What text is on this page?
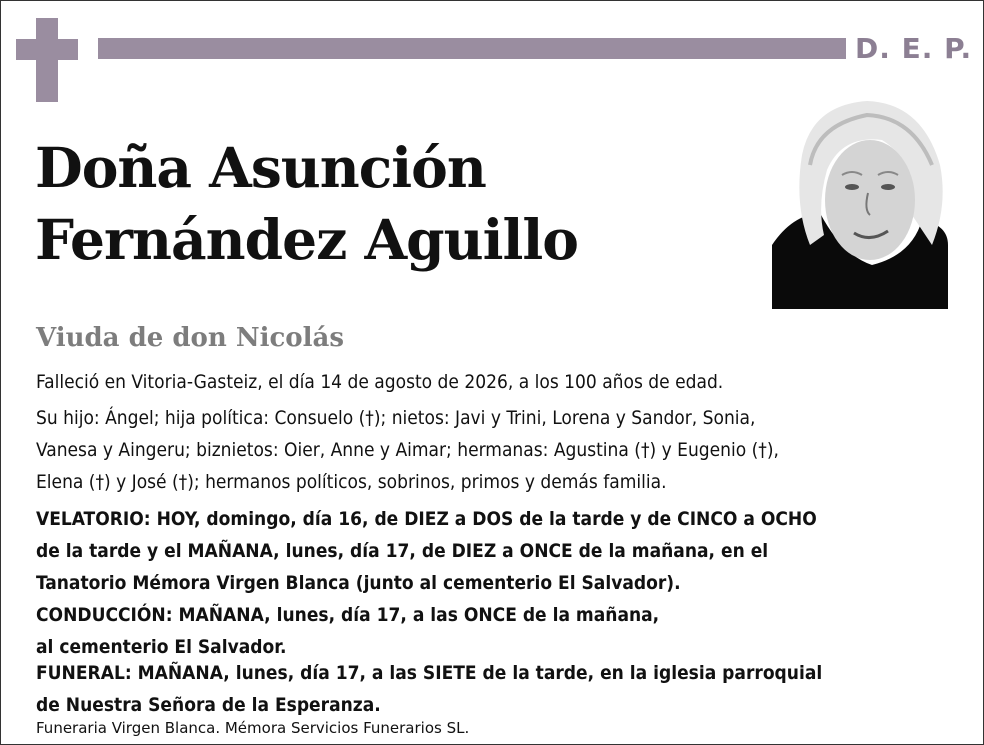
D. E. P.
Doña Asunción
Fernández Aguillo
Viuda de don Nicolás
Falleció en Vitoria-Gasteiz, el día 14 de agosto de 2026, a los 100 años de edad.
Su hijo: Ángel; hija política: Consuelo (†); nietos: Javi y Trini, Lorena y Sandor, Sonia,
Vanesa y Aingeru; biznietos: Oier, Anne y Aimar; hermanas: Agustina (†) y Eugenio (†),
Elena (†) y José (†); hermanos políticos, sobrinos, primos y demás familia.
VELATORIO: HOY, domingo, día 16, de DIEZ a DOS de la tarde y de CINCO a OCHO
de la tarde y el MAÑANA, lunes, día 17, de DIEZ a ONCE de la mañana, en el
Tanatorio Mémora Virgen Blanca (junto al cementerio El Salvador).
CONDUCCIÓN: MAÑANA, lunes, día 17, a las ONCE de la mañana,
al cementerio El Salvador.
FUNERAL: MAÑANA, lunes, día 17, a las SIETE de la tarde, en la iglesia parroquial
de Nuestra Señora de la Esperanza.
Funeraria Virgen Blanca. Mémora Servicios Funerarios SL.
